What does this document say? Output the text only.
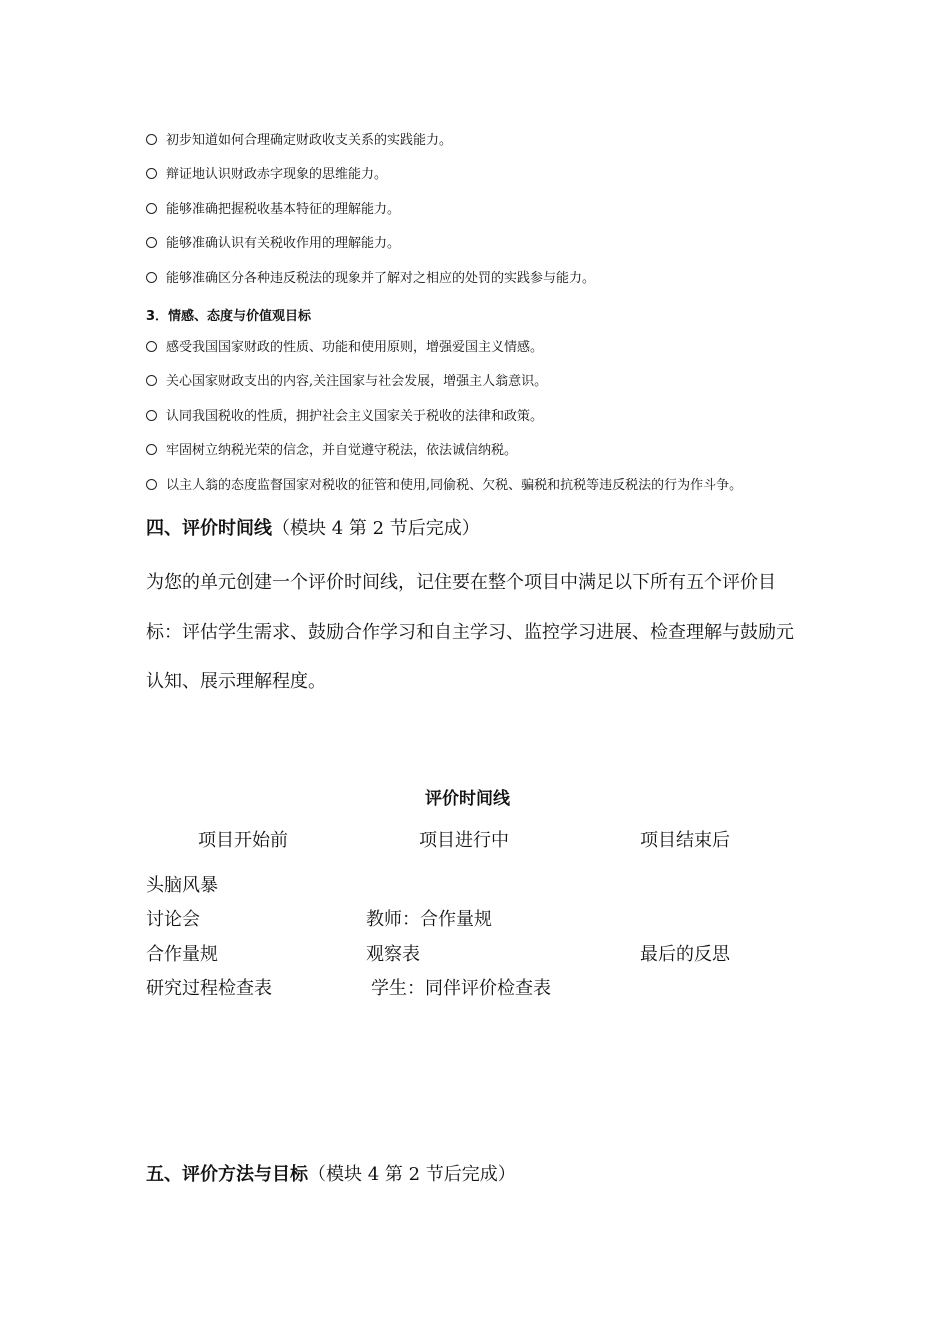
初步知道如何合理确定财政收支关系的实践能力。
辩证地认识财政赤字现象的思维能力。
能够准确把握税收基本特征的理解能力。
能够准确认识有关税收作用的理解能力。
能够准确区分各种违反税法的现象并了解对之相应的处罚的实践参与能力。
3．情感、态度与价值观目标
感受我国国家财政的性质、功能和使用原则，增强爱国主义情感。
关心国家财政支出的内容,关注国家与社会发展，增强主人翁意识。
认同我国税收的性质，拥护社会主义国家关于税收的法律和政策。
牢固树立纳税光荣的信念，并自觉遵守税法，依法诚信纳税。
以主人翁的态度监督国家对税收的征管和使用,同偷税、欠税、骗税和抗税等违反税法的行为作斗争。
四、评价时间线（模块 4 第 2 节后完成）
为您的单元创建一个评价时间线，记住要在整个项目中满足以下所有五个评价目
标：评估学生需求、鼓励合作学习和自主学习、监控学习进展、检查理解与鼓励元
认知、展示理解程度。
评价时间线
项目开始前	项目进行中	项目结束后
头脑风暴
讨论会
合作量规
研究过程检查表
教师：合作量规
观察表
学生：同伴评价检查表
最后的反思
五、评价方法与目标（模块 4 第 2 节后完成）
